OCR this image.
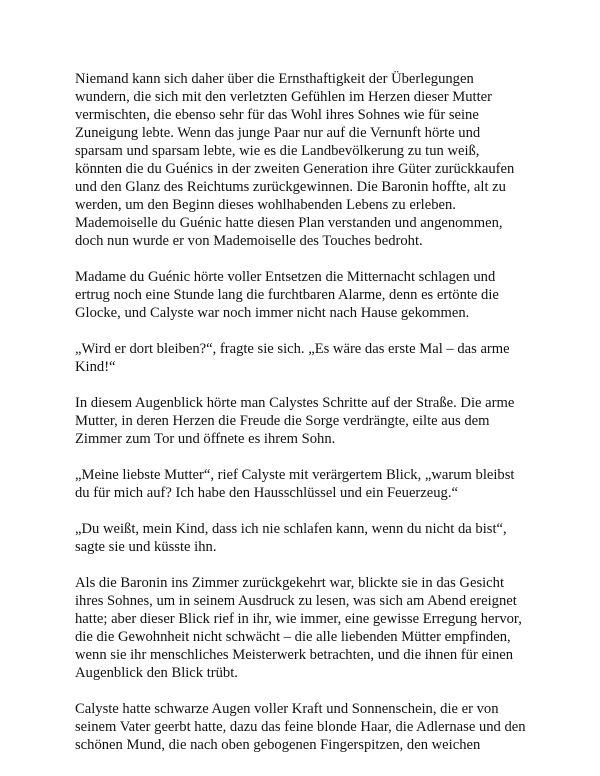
Niemand kann sich daher über die Ernsthaftigkeit der Überlegungen wundern, die sich mit den verletzten Gefühlen im Herzen dieser Mutter vermischten, die ebenso sehr für das Wohl ihres Sohnes wie für seine Zuneigung lebte. Wenn das junge Paar nur auf die Vernunft hörte und sparsam und sparsam lebte, wie es die Landbevölkerung zu tun weiß, könnten die du Guénics in der zweiten Generation ihre Güter zurückkaufen und den Glanz des Reichtums zurückgewinnen. Die Baronin hoffte, alt zu werden, um den Beginn dieses wohlhabenden Lebens zu erleben. Mademoiselle du Guénic hatte diesen Plan verstanden und angenommen, doch nun wurde er von Mademoiselle des Touches bedroht.

Madame du Guénic hörte voller Entsetzen die Mitternacht schlagen und ertrug noch eine Stunde lang die furchtbaren Alarme, denn es ertönte die Glocke, und Calyste war noch immer nicht nach Hause gekommen.

„Wird er dort bleiben?“, fragte sie sich. „Es wäre das erste Mal – das arme Kind!“

In diesem Augenblick hörte man Calystes Schritte auf der Straße. Die arme Mutter, in deren Herzen die Freude die Sorge verdrängte, eilte aus dem Zimmer zum Tor und öffnete es ihrem Sohn.

„Meine liebste Mutter“, rief Calyste mit verärgertem Blick, „warum bleibst du für mich auf? Ich habe den Hausschlüssel und ein Feuerzeug.“

„Du weißt, mein Kind, dass ich nie schlafen kann, wenn du nicht da bist“, sagte sie und küsste ihn.

Als die Baronin ins Zimmer zurückgekehrt war, blickte sie in das Gesicht ihres Sohnes, um in seinem Ausdruck zu lesen, was sich am Abend ereignet hatte; aber dieser Blick rief in ihr, wie immer, eine gewisse Erregung hervor, die die Gewohnheit nicht schwächt – die alle liebenden Mütter empfinden, wenn sie ihr menschliches Meisterwerk betrachten, und die ihnen für einen Augenblick den Blick trübt.

Calyste hatte schwarze Augen voller Kraft und Sonnenschein, die er von seinem Vater geerbt hatte, dazu das feine blonde Haar, die Adlernase und den schönen Mund, die nach oben gebogenen Fingerspitzen, den weichen
